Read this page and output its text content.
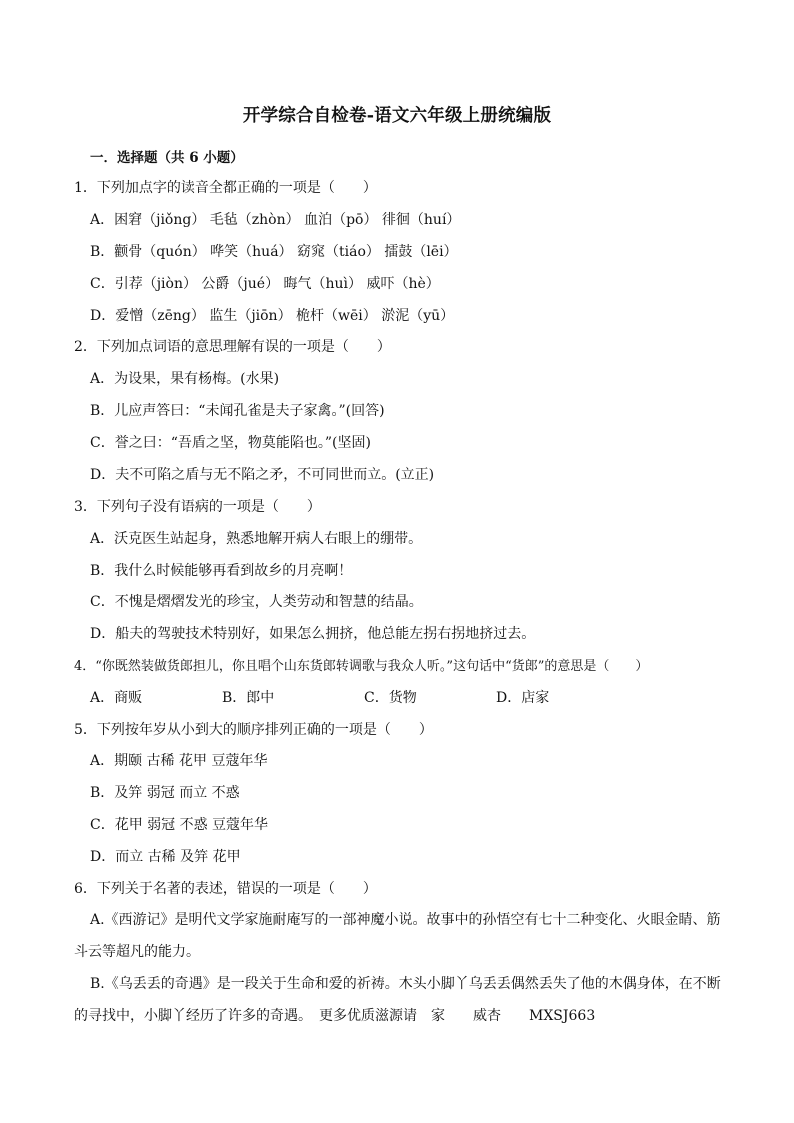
开学综合自检卷-语文六年级上册统编版
一．选择题（共 6 小题）
1．下列加点字的读音全都正确的一项是（　　）
A．困窘（jiǒng） 毛毡（zhòn） 血泊（pō） 徘徊（huí）
B．颧骨（quón） 哗笑（huá） 窈窕（tiáo） 擂鼓（lēi）
C．引荐（jiòn） 公爵（jué） 晦气（huì） 威吓（hè）
D．爱憎（zēng） 监生（jiōn） 桅杆（wēi） 淤泥（yū）
2．下列加点词语的意思理解有误的一项是（　　）
A．为设果，果有杨梅。(水果)
B．儿应声答曰：“未闻孔雀是夫子家禽。”(回答)
C．誉之曰：“吾盾之坚，物莫能陷也。”(坚固)
D．夫不可陷之盾与无不陷之矛，不可同世而立。(立正)
3．下列句子没有语病的一项是（　　）
A．沃克医生站起身，熟悉地解开病人右眼上的绷带。
B．我什么时候能够再看到故乡的月亮啊！
C．不愧是熠熠发光的珍宝，人类劳动和智慧的结晶。
D．船夫的驾驶技术特别好，如果怎么拥挤，他总能左拐右拐地挤过去。
4．“你既然装做货郎担儿，你且唱个山东货郎转调歌与我众人听。”这句话中“货郎”的意思是（　　）
A．商贩	B．郎中	C．货物	D．店家
5．下列按年岁从小到大的顺序排列正确的一项是（　　）
A．期颐 古稀 花甲 豆蔻年华
B．及笄 弱冠 而立 不惑
C．花甲 弱冠 不惑 豆蔻年华
D．而立 古稀 及笄 花甲
6．下列关于名著的表述，错误的一项是（　　）
A.《西游记》是明代文学家施耐庵写的一部神魔小说。故事中的孙悟空有七十二种变化、火眼金睛、筋
斗云等超凡的能力。
B.《乌丢丢的奇遇》是一段关于生命和爱的祈祷。木头小脚丫乌丢丢偶然丢失了他的木偶身体，在不断
的寻找中，小脚丫经历了许多的奇遇。　更多优质滋源请　家　　威杏　　MXSJ663
